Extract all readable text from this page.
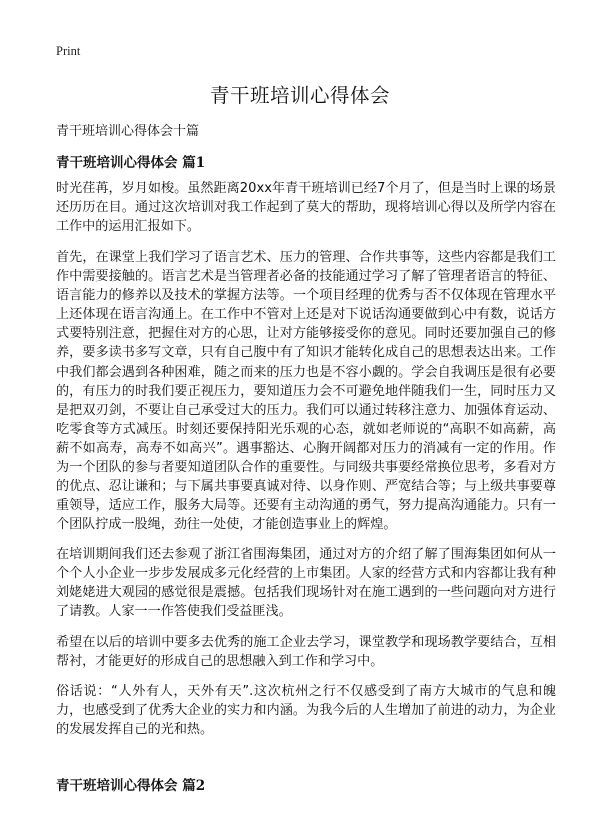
Print
青干班培训心得体会
青干班培训心得体会十篇
青干班培训心得体会 篇1

时光荏苒，岁月如梭。虽然距离20xx年青干班培训已经7个月了，但是当时上课的场景还历历在目。通过这次培训对我工作起到了莫大的帮助，现将培训心得以及所学内容在工作中的运用汇报如下。

首先，在课堂上我们学习了语言艺术、压力的管理、合作共事等，这些内容都是我们工作中需要接触的。语言艺术是当管理者必备的技能通过学习了解了管理者语言的特征、语言能力的修养以及技术的掌握方法等。一个项目经理的优秀与否不仅体现在管理水平上还体现在语言沟通上。在工作中不管对上还是对下说话沟通要做到心中有数，说话方式要特别注意，把握住对方的心思，让对方能够接受你的意见。同时还要加强自己的修养，要多读书多写文章，只有自己腹中有了知识才能转化成自己的思想表达出来。工作中我们都会遇到各种困难，随之而来的压力也是不容小觑的。学会自我调压是很有必要的，有压力的时我们要正视压力，要知道压力会不可避免地伴随我们一生，同时压力又是把双刃剑，不要让自己承受过大的压力。我们可以通过转移注意力、加强体育运动、吃零食等方式减压。时刻还要保持阳光乐观的心态，就如老师说的“高职不如高薪，高薪不如高寿，高寿不如高兴”。遇事豁达、心胸开阔都对压力的消减有一定的作用。作为一个团队的参与者要知道团队合作的重要性。与同级共事要经常换位思考，多看对方的优点、忍让谦和；与下属共事要真诚对待、以身作则、严宽结合等；与上级共事要尊重领导，适应工作，服务大局等。还要有主动沟通的勇气，努力提高沟通能力。只有一个团队拧成一股绳，劲往一处使，才能创造事业上的辉煌。

在培训期间我们还去参观了浙江省围海集团，通过对方的介绍了解了围海集团如何从一个个人小企业一步步发展成多元化经营的上市集团。人家的经营方式和内容都让我有种刘姥姥进大观园的感觉很是震撼。包括我们现场针对在施工遇到的一些问题向对方进行了请教。人家一一作答使我们受益匪浅。

希望在以后的培训中要多去优秀的施工企业去学习，课堂教学和现场教学要结合，互相帮衬，才能更好的形成自己的思想融入到工作和学习中。

俗话说：“人外有人，天外有天”.这次杭州之行不仅感受到了南方大城市的气息和魄力，也感受到了优秀大企业的实力和内涵。为我今后的人生增加了前进的动力，为企业的发展发挥自己的光和热。

青干班培训心得体会 篇2
